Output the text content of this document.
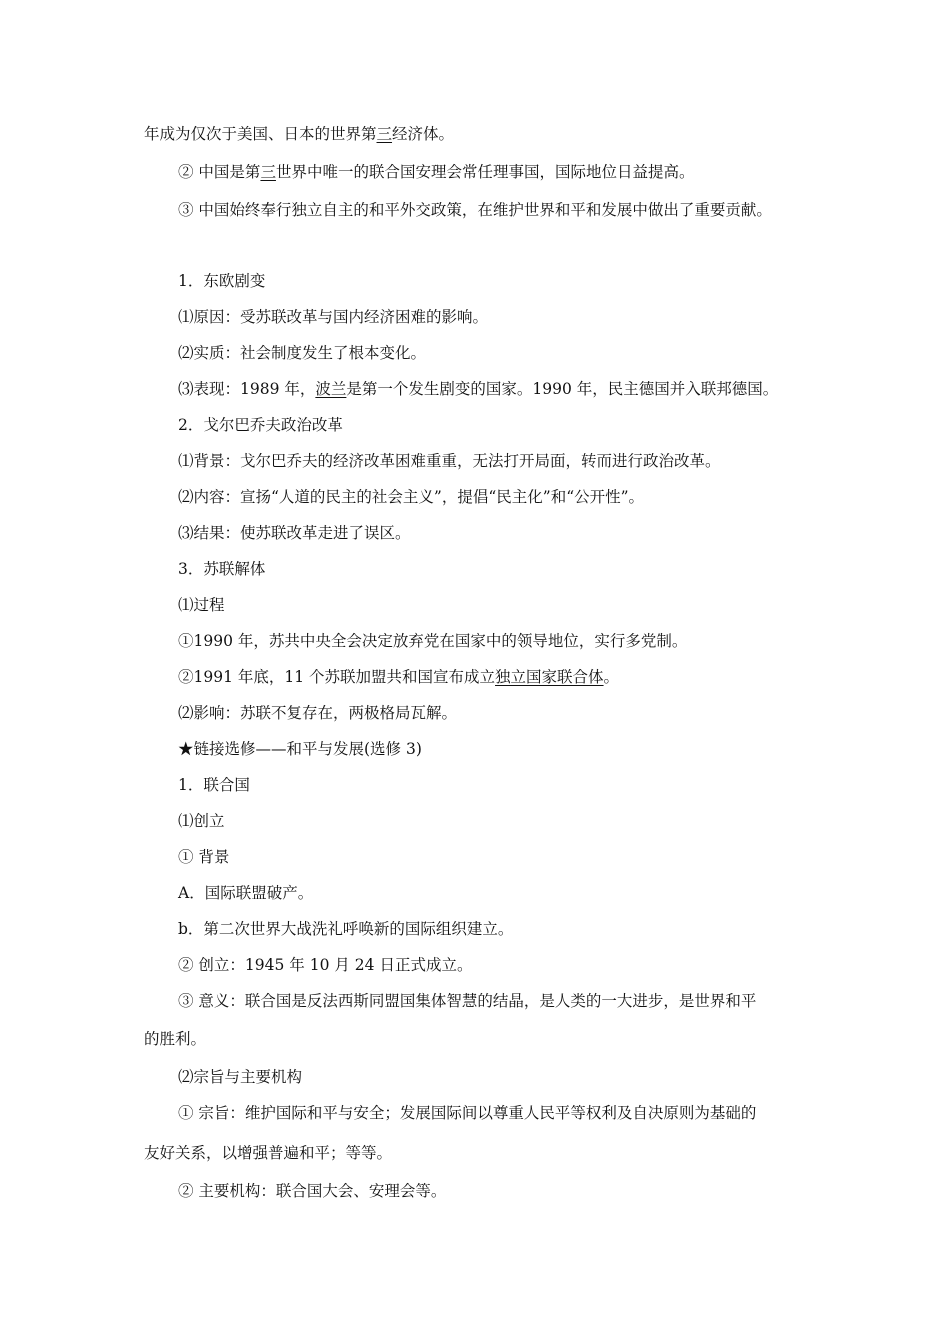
年成为仅次于美国、日本的世界第三经济体。
② 中国是第三世界中唯一的联合国安理会常任理事国，国际地位日益提高。
③ 中国始终奉行独立自主的和平外交政策，在维护世界和平和发展中做出了重要贡献。
1．东欧剧变
⑴原因：受苏联改革与国内经济困难的影响。
⑵实质：社会制度发生了根本变化。
⑶表现：1989 年，波兰是第一个发生剧变的国家。1990 年，民主德国并入联邦德国。
2．戈尔巴乔夫政治改革
⑴背景：戈尔巴乔夫的经济改革困难重重，无法打开局面，转而进行政治改革。
⑵内容：宣扬“人道的民主的社会主义”，提倡“民主化”和“公开性”。
⑶结果：使苏联改革走进了误区。
3．苏联解体
⑴过程
①1990 年，苏共中央全会决定放弃党在国家中的领导地位，实行多党制。
②1991 年底，11 个苏联加盟共和国宣布成立独立国家联合体。
⑵影响：苏联不复存在，两极格局瓦解。
★链接选修——和平与发展(选修 3)
1．联合国
⑴创立
① 背景
A．国际联盟破产。
b．第二次世界大战洗礼呼唤新的国际组织建立。
② 创立：1945 年 10 月 24 日正式成立。
③ 意义：联合国是反法西斯同盟国集体智慧的结晶，是人类的一大进步，是世界和平
的胜利。
⑵宗旨与主要机构
① 宗旨：维护国际和平与安全；发展国际间以尊重人民平等权利及自决原则为基础的
友好关系，以增强普遍和平；等等。
② 主要机构：联合国大会、安理会等。
